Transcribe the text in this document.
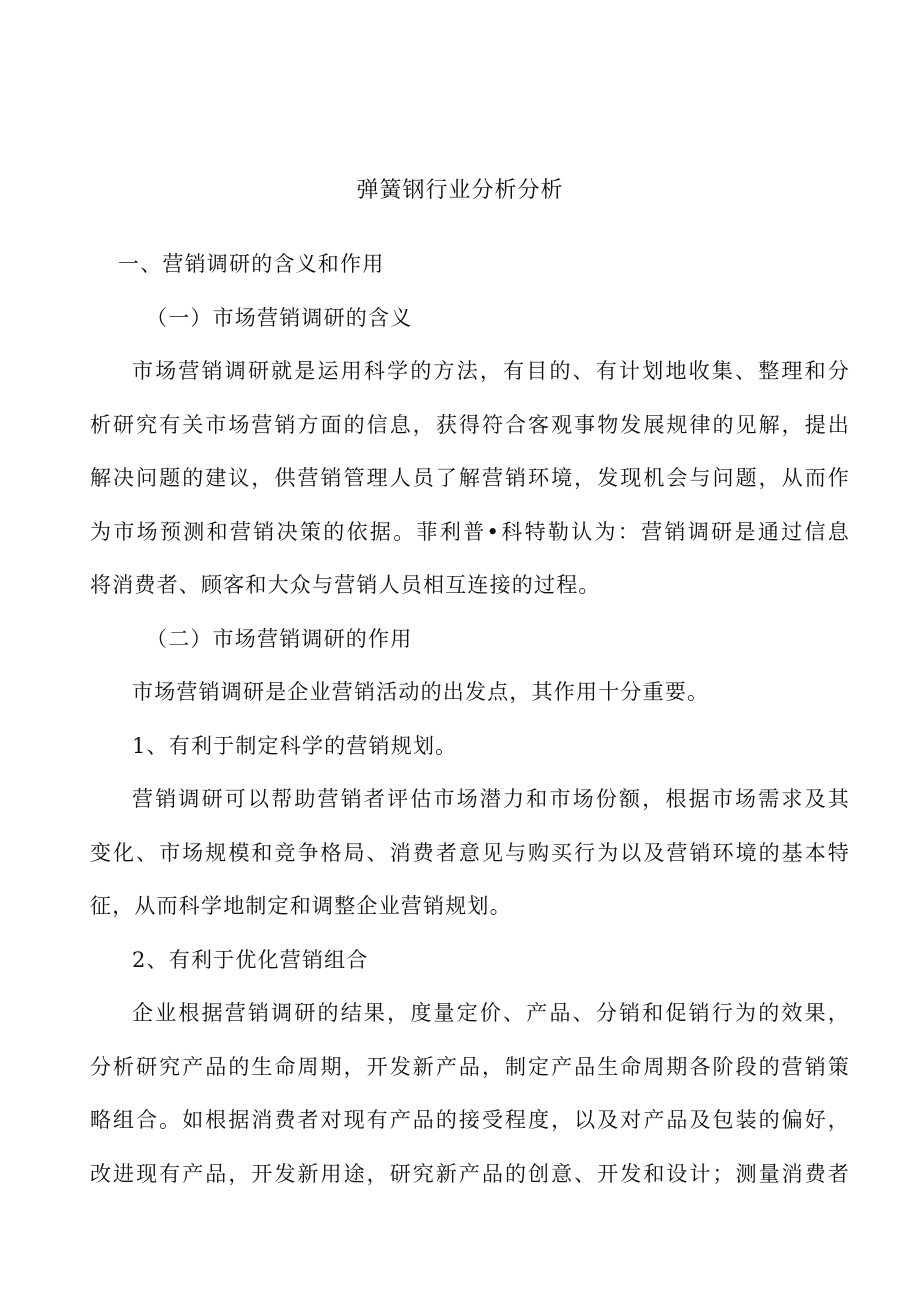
弹簧钢行业分析分析

一、营销调研的含义和作用

（一）市场营销调研的含义

市场营销调研就是运用科学的方法，有目的、有计划地收集、整理和分

析研究有关市场营销方面的信息，获得符合客观事物发展规律的见解，提出

解决问题的建议，供营销管理人员了解营销环境，发现机会与问题，从而作

为市场预测和营销决策的依据。菲利普•科特勒认为：营销调研是通过信息

将消费者、顾客和大众与营销人员相互连接的过程。

（二）市场营销调研的作用

市场营销调研是企业营销活动的出发点，其作用十分重要。

1、有利于制定科学的营销规划。

营销调研可以帮助营销者评估市场潜力和市场份额，根据市场需求及其

变化、市场规模和竞争格局、消费者意见与购买行为以及营销环境的基本特

征，从而科学地制定和调整企业营销规划。

2、有利于优化营销组合

企业根据营销调研的结果，度量定价、产品、分销和促销行为的效果，

分析研究产品的生命周期，开发新产品，制定产品生命周期各阶段的营销策

略组合。如根据消费者对现有产品的接受程度，以及对产品及包装的偏好，

改进现有产品，开发新用途，研究新产品的创意、开发和设计；测量消费者
